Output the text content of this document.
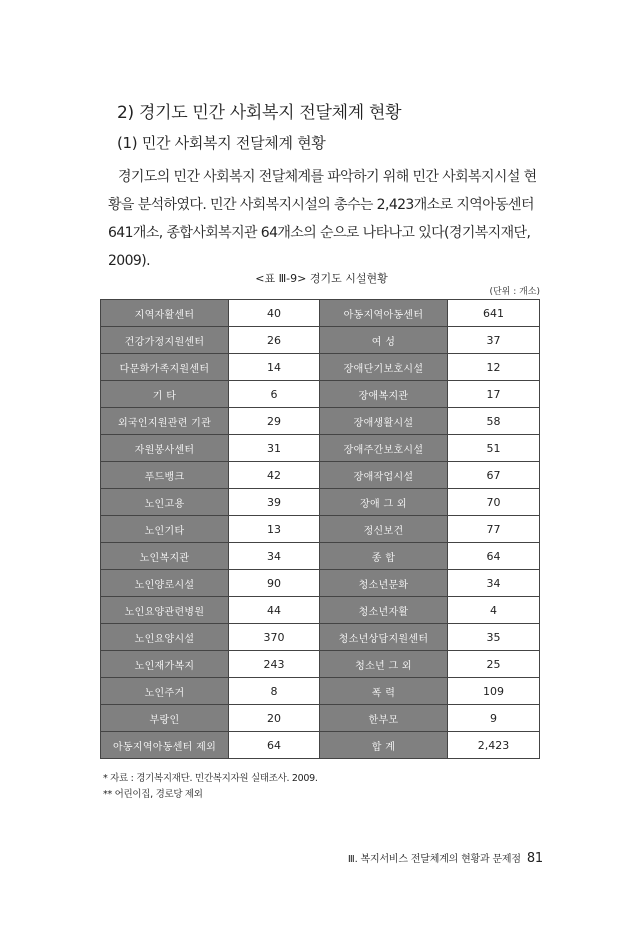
2) 경기도 민간 사회복지 전달체계 현황
(1) 민간 사회복지 전달체계 현황

경기도의 민간 사회복지 전달체계를 파악하기 위해 민간 사회복지시설 현황을 분석하였다. 민간 사회복지시설의 총수는 2,423개소로 지역아동센터 641개소, 종합사회복지관 64개소의 순으로 나타나고 있다(경기복지재단, 2009).

<표 Ⅲ-9> 경기도 시설현황
(단위 : 개소)
지역자활센터	40	아동지역아동센터	641
건강가정지원센터	26	여 성	37
다문화가족지원센터	14	장애단기보호시설	12
기 타	6	장애복지관	17
외국인지원관련 기관	29	장애생활시설	58
자원봉사센터	31	장애주간보호시설	51
푸드뱅크	42	장애작업시설	67
노인고용	39	장애 그 외	70
노인기타	13	정신보건	77
노인복지관	34	종 합	64
노인양로시설	90	청소년문화	34
노인요양관련병원	44	청소년자활	4
노인요양시설	370	청소년상담지원센터	35
노인재가복지	243	청소년 그 외	25
노인주거	8	폭 력	109
부랑인	20	한부모	9
아동지역아동센터 제외	64	합 계	2,423
* 자료 : 경기복지재단. 민간복지자원 실태조사. 2009.
** 어린이집, 경로당 제외
Ⅲ. 복지서비스 전달체계의 현황과 문제점 81
